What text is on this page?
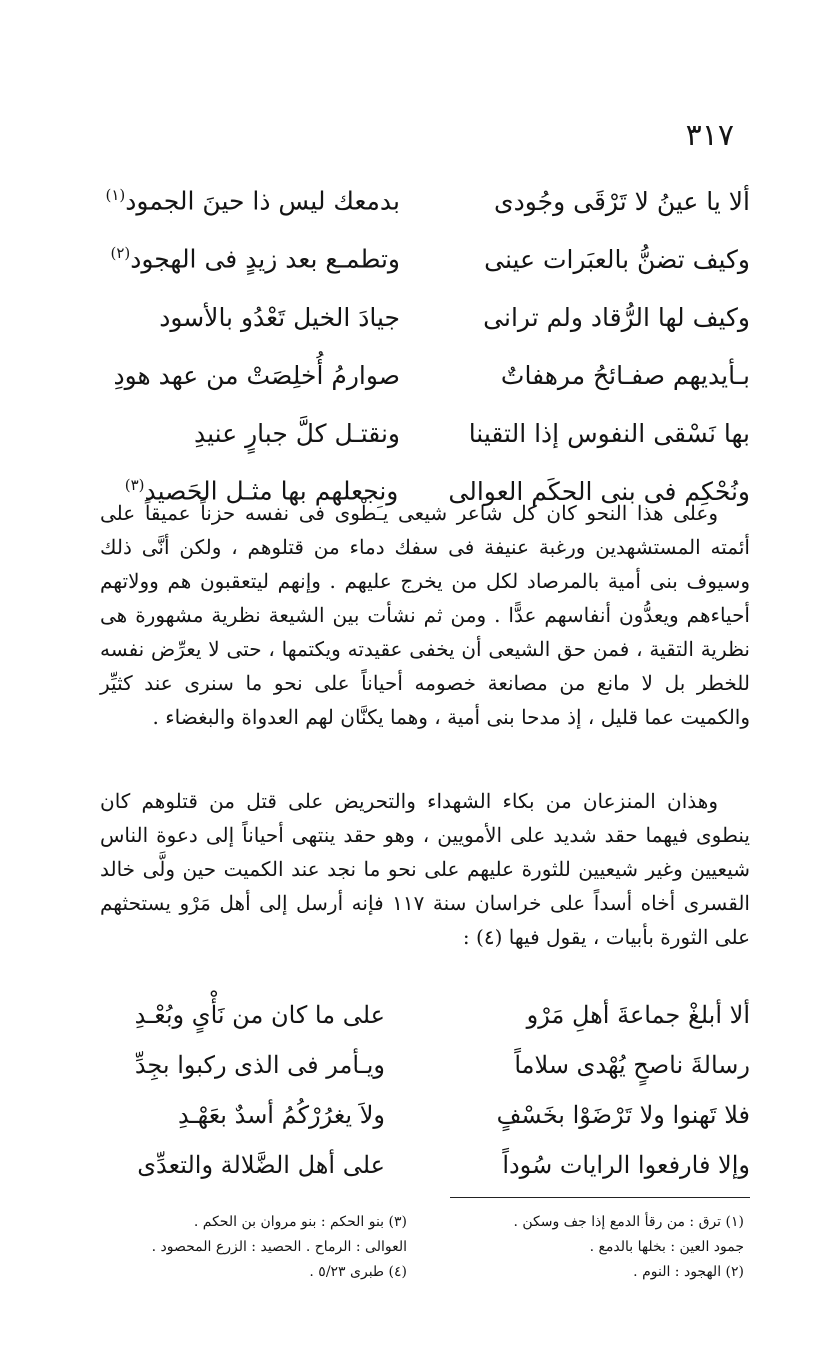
٣١٧
ألا يا عينُ لا تَرْقَى وجُودى
بدمعك ليس ذا حينَ الجمود$^{(١)}$
وكيف تضنُّ بالعبَرات عينى
وتطمـع بعد زيدٍ فى الهجود$^{(٢)}$
وكيف لها الرُّقاد ولم ترانى
جيادَ الخيل تَعْدُو بالأسود
بـأيديهم صفـائحُ مرهفاتٌ
صوارمُ أُخلِصَتْ من عهد هودِ
بها نَسْقى النفوس إذا التقينا
ونقتـل كلَّ جبارٍ عنيدِ
ونُحْكِم فى بنى الحكَم العوالى
ونجعلهم بها مثـل الحَصيد$^{(٣)}$

وعلى هذا النحو كان كل شاعر شيعى يـَطْوى فى نفسه حزناً عميقاً على أئمته المستشهدين ورغبة عنيفة فى سفك دماء من قتلوهم ، ولكن أنَّى ذلك وسيوف بنى أمية بالمرصاد لكل من يخرج عليهم . وإنهم ليتعقبون هم وولاتهم أحياءهم ويعدُّون أنفاسهم عدًّا . ومن ثم نشأت بين الشيعة نظرية مشهورة هى نظرية التقية ، فمن حق الشيعى أن يخفى عقيدته ويكتمها ، حتى لا يعرِّض نفسه للخطر بل لا مانع من مصانعة خصومه أحياناً على نحو ما سنرى عند كثيِّر والكميت عما قليل ، إذ مدحا بنى أمية ، وهما يكنَّان لهم العدواة والبغضاء .

وهذان المنزعان من بكاء الشهداء والتحريض على قتل من قتلوهم كان ينطوى فيهما حقد شديد على الأمويين ، وهو حقد ينتهى أحياناً إلى دعوة الناس شيعيين وغير شيعيين للثورة عليهم على نحو ما نجد عند الكميت حين ولَّى خالد القسرى أخاه أسداً على خراسان سنة ١١٧ فإنه أرسل إلى أهل مَرْو يستحثهم على الثورة بأبيات ، يقول فيها (٤) :

ألا أبلغْ جماعةَ أهلِ مَرْو
على ما كان من نَأْىٍ وبُعْـدِ
رسالةَ ناصحٍ يُهْدى سلاماً
ويـأمر فى الذى ركبوا بجِدِّ
فلا تَهنوا ولا تَرْضَوْا بخَسْفٍ
ولاَ يغرُرْكُمُ أسدٌ بعَهْـدِ
وإلا فارفعوا الرايات سُوداً
على أهل الضَّلالة والتعدِّى
(١) ترق : من رقأ الدمع إذا جف وسكن .
جمود العين : بخلها بالدمع .
(٢) الهجود : النوم .
(٣) بنو الحكم : بنو مروان بن الحكم .
العوالى : الرماح . الحصيد : الزرع المحصود .
(٤) طبرى ٥/٢٣ .
